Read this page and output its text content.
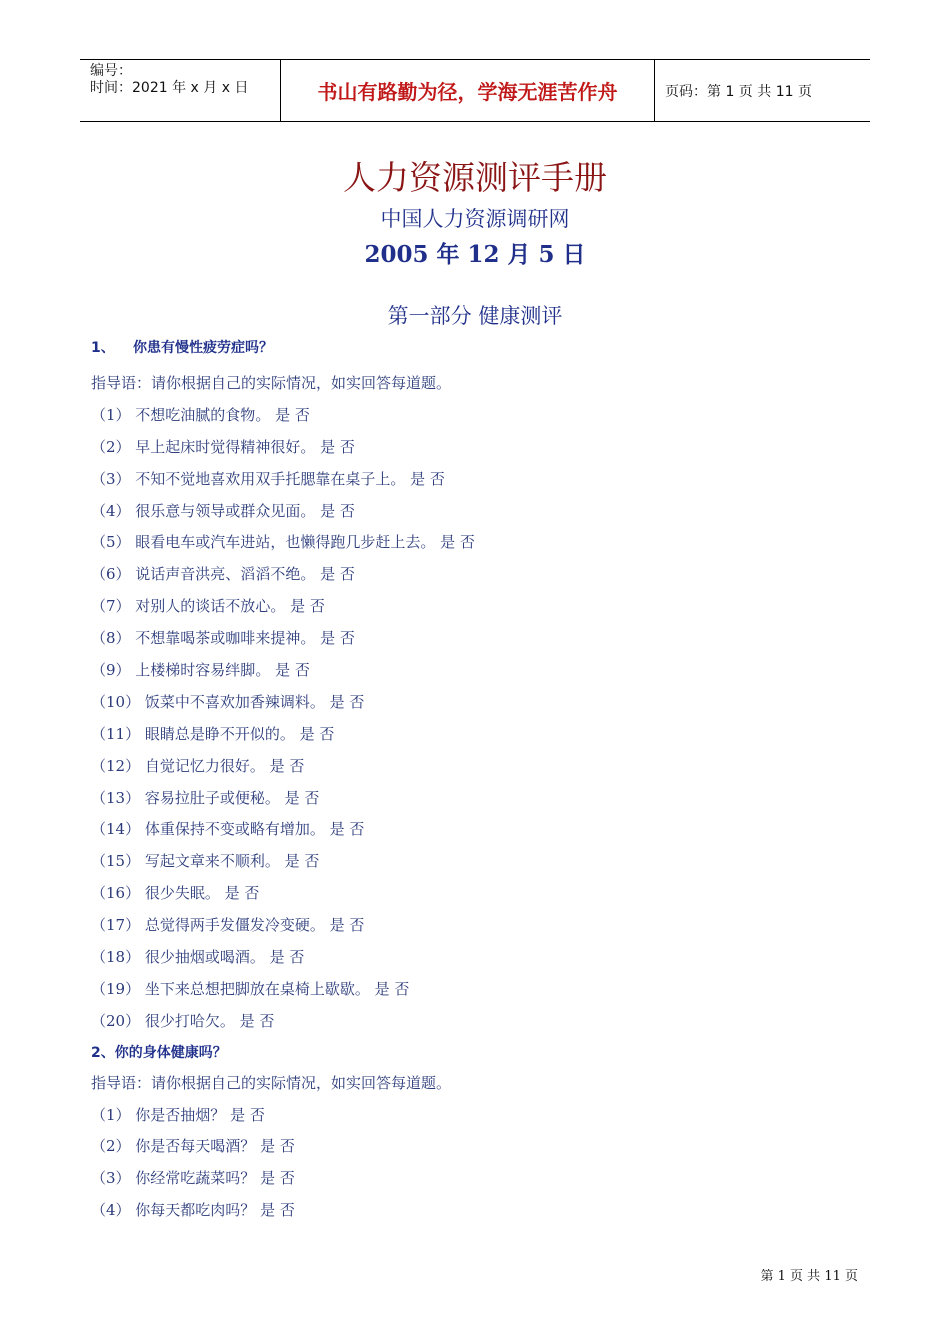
编号：
时间：2021 年 x 月 x 日	书山有路勤为径，学海无涯苦作舟	页码：第 1 页 共 11 页
人力资源测评手册
中国人力资源调研网
2005 年 12 月 5 日
第一部分 健康测评
1、 你患有慢性疲劳症吗？
指导语：请你根据自己的实际情况，如实回答每道题。
（1） 不想吃油腻的食物。 是 否
（2） 早上起床时觉得精神很好。 是 否
（3） 不知不觉地喜欢用双手托腮靠在桌子上。 是 否
（4） 很乐意与领导或群众见面。 是 否
（5） 眼看电车或汽车进站，也懒得跑几步赶上去。 是 否
（6） 说话声音洪亮、滔滔不绝。 是 否
（7） 对别人的谈话不放心。 是 否
（8） 不想靠喝茶或咖啡来提神。 是 否
（9） 上楼梯时容易绊脚。 是 否
（10） 饭菜中不喜欢加香辣调料。 是 否
（11） 眼睛总是睁不开似的。 是 否
（12） 自觉记忆力很好。 是 否
（13） 容易拉肚子或便秘。 是 否
（14） 体重保持不变或略有增加。 是 否
（15） 写起文章来不顺利。 是 否
（16） 很少失眠。 是 否
（17） 总觉得两手发僵发冷变硬。 是 否
（18） 很少抽烟或喝酒。 是 否
（19） 坐下来总想把脚放在桌椅上歇歇。 是 否
（20） 很少打哈欠。 是 否
2、你的身体健康吗？
指导语：请你根据自己的实际情况，如实回答每道题。
（1） 你是否抽烟？ 是 否
（2） 你是否每天喝酒？ 是 否
（3） 你经常吃蔬菜吗？ 是 否
（4） 你每天都吃肉吗？ 是 否
第 1 页 共 11 页
